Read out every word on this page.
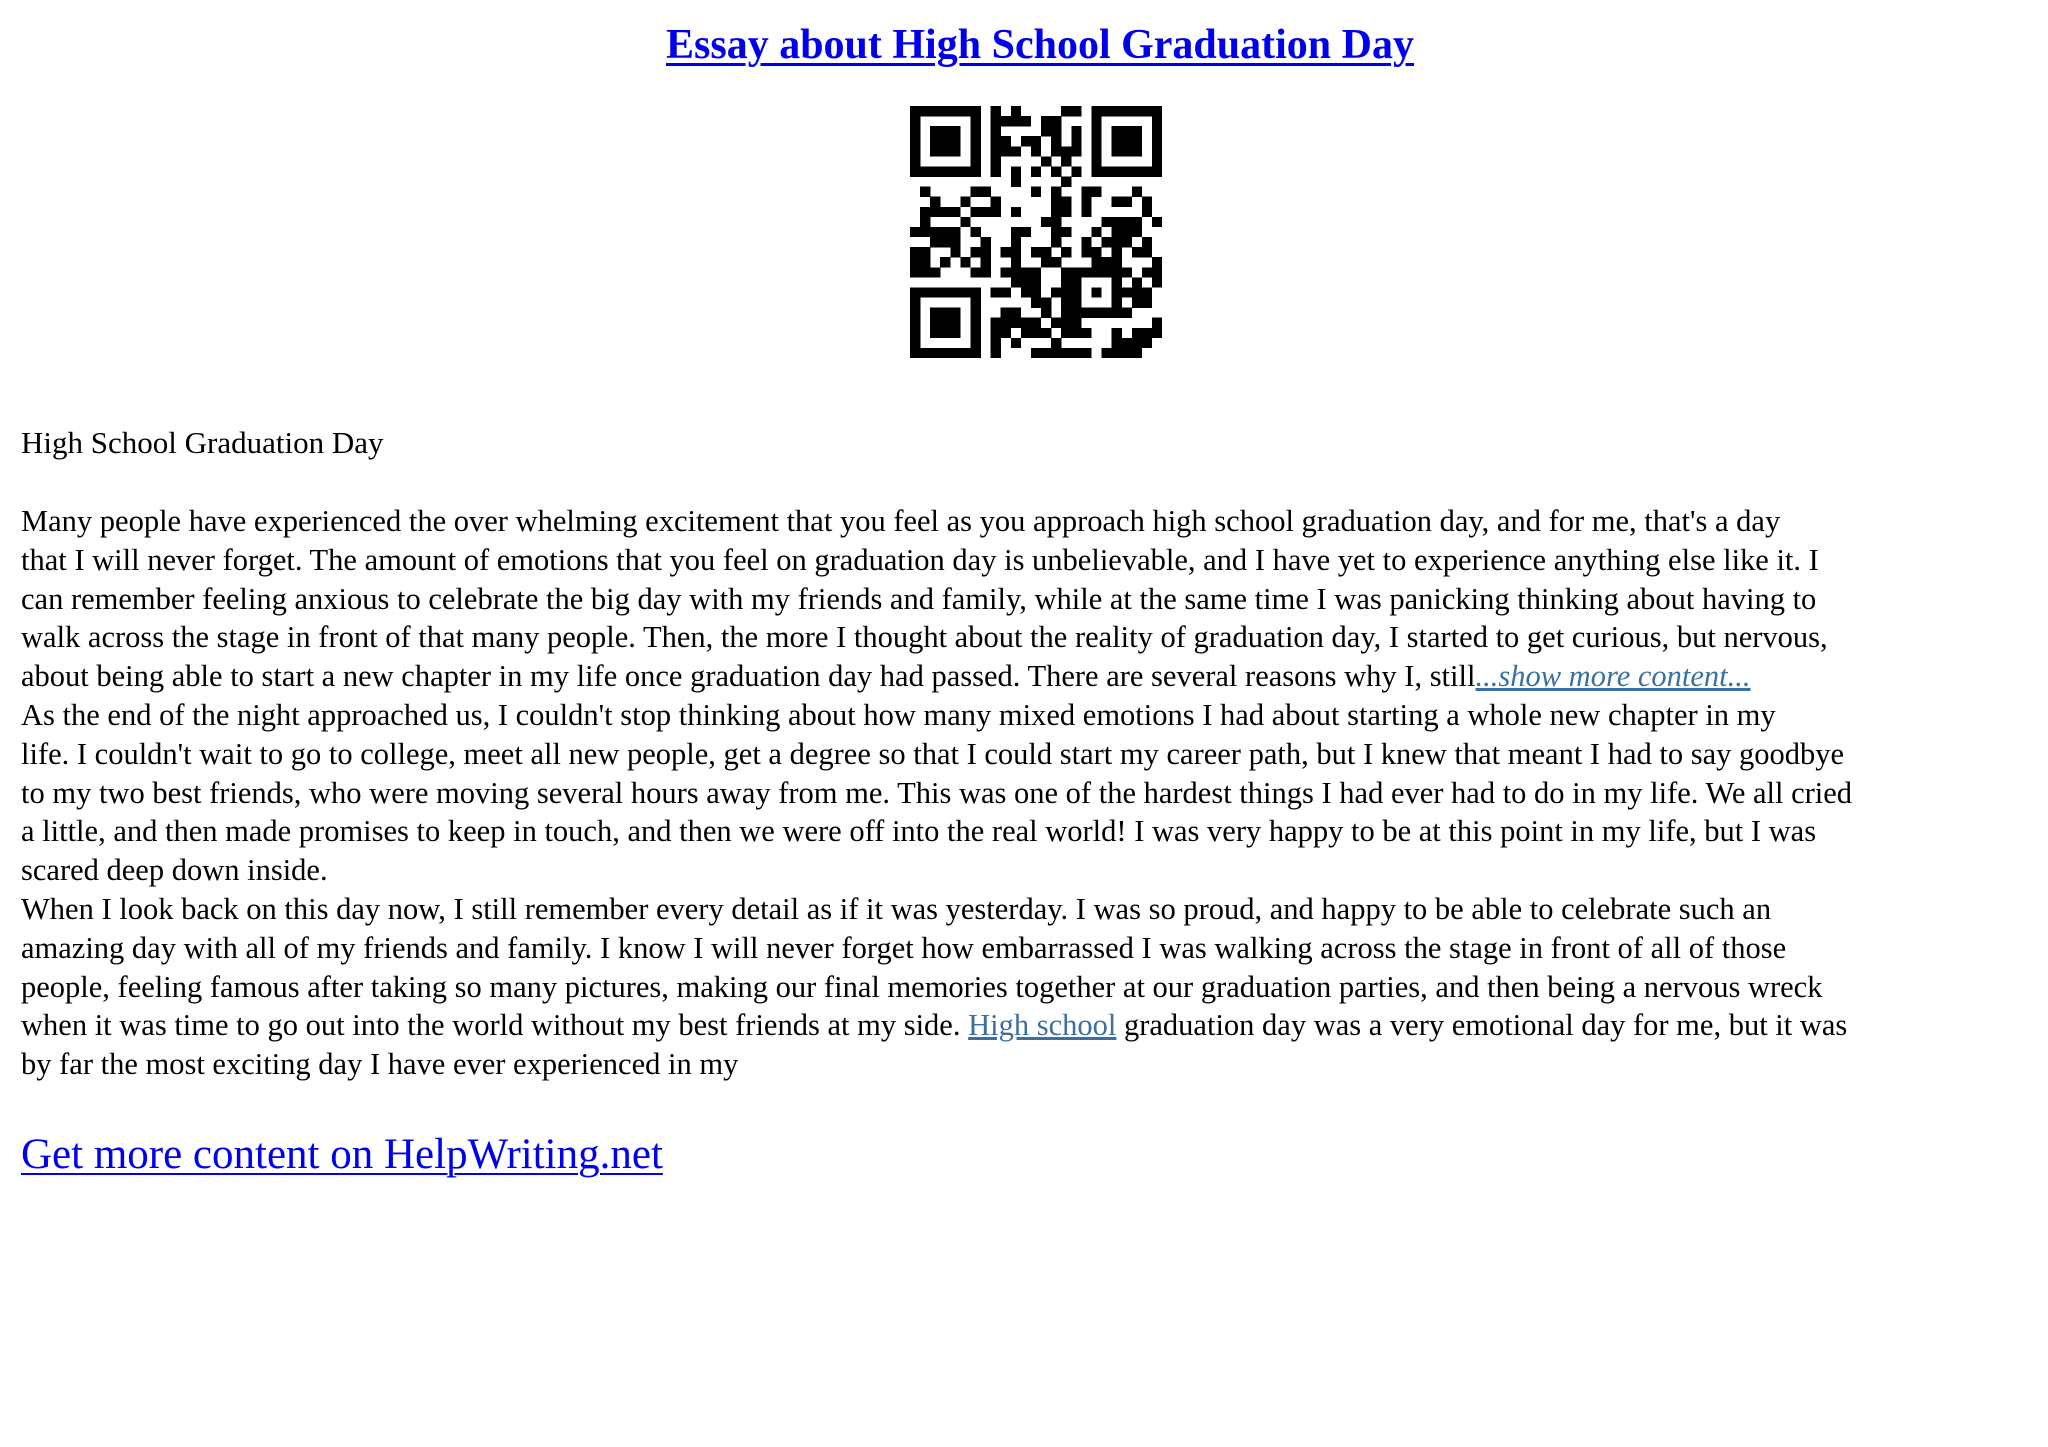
Essay about High School Graduation Day
High School Graduation Day
Many people have experienced the over whelming excitement that you feel as you approach high school graduation day, and for me, that's a day
that I will never forget. The amount of emotions that you feel on graduation day is unbelievable, and I have yet to experience anything else like it. I
can remember feeling anxious to celebrate the big day with my friends and family, while at the same time I was panicking thinking about having to
walk across the stage in front of that many people. Then, the more I thought about the reality of graduation day, I started to get curious, but nervous,
about being able to start a new chapter in my life once graduation day had passed. There are several reasons why I, still...show more content...
As the end of the night approached us, I couldn't stop thinking about how many mixed emotions I had about starting a whole new chapter in my
life. I couldn't wait to go to college, meet all new people, get a degree so that I could start my career path, but I knew that meant I had to say goodbye
to my two best friends, who were moving several hours away from me. This was one of the hardest things I had ever had to do in my life. We all cried
a little, and then made promises to keep in touch, and then we were off into the real world! I was very happy to be at this point in my life, but I was
scared deep down inside.
When I look back on this day now, I still remember every detail as if it was yesterday. I was so proud, and happy to be able to celebrate such an
amazing day with all of my friends and family. I know I will never forget how embarrassed I was walking across the stage in front of all of those
people, feeling famous after taking so many pictures, making our final memories together at our graduation parties, and then being a nervous wreck
when it was time to go out into the world without my best friends at my side. High school graduation day was a very emotional day for me, but it was
by far the most exciting day I have ever experienced in my
Get more content on HelpWriting.net
